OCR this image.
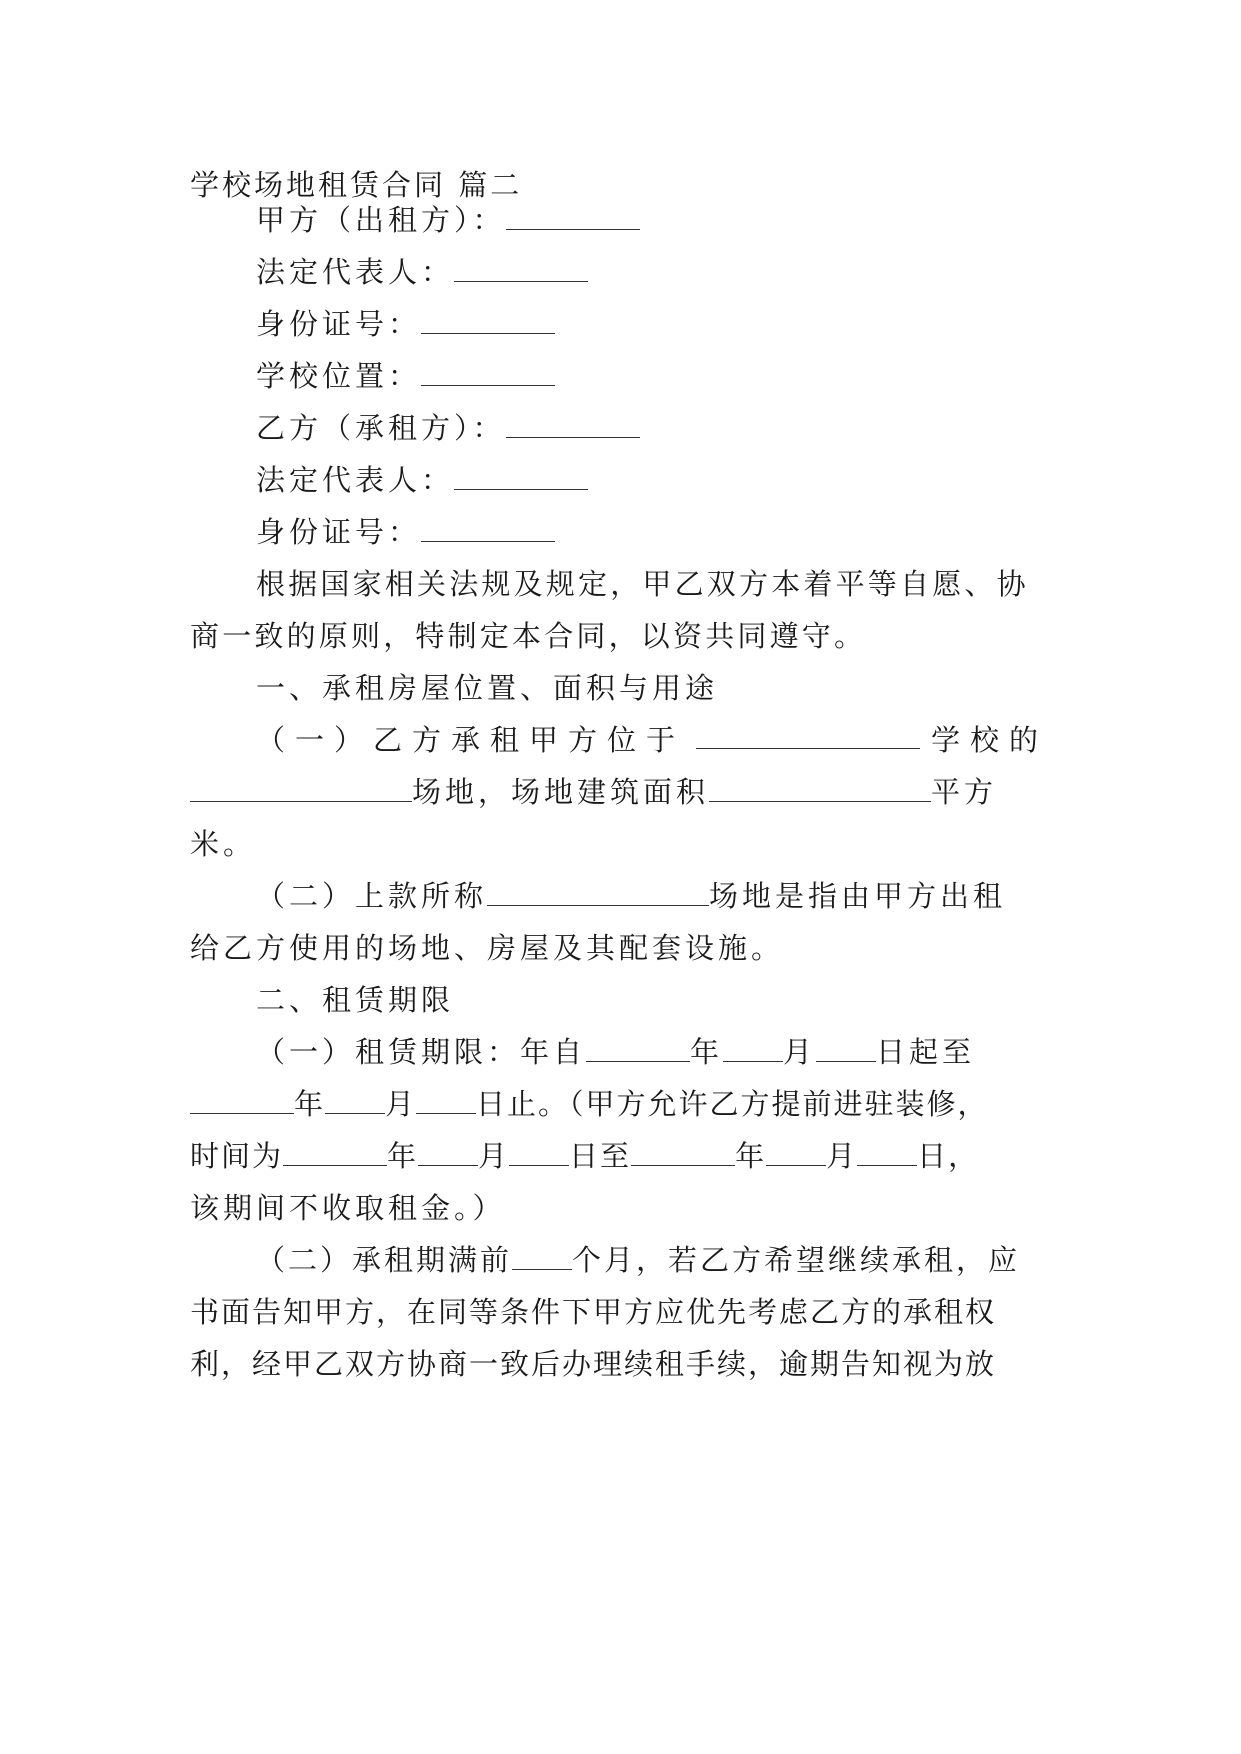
学校场地租赁合同 篇二
甲方（出租方）：
法定代表人：
身份证号：
学校位置：
乙方（承租方）：
法定代表人：
身份证号：
根据国家相关法规及规定，甲乙双方本着平等自愿、协
商一致的原则，特制定本合同，以资共同遵守。
一、承租房屋位置、面积与用途
（一）乙方承租甲方位于	学校的
场地，场地建筑面积	平方
米。
（二）上款所称	场地是指由甲方出租
给乙方使用的场地、房屋及其配套设施。
二、租赁期限
（一）租赁期限：年自	年 月 日起至
年 月 日止。（甲方允许乙方提前进驻装修，
时间为	年 月 日至	年 月 日，
该期间不收取租金。）
（二）承租期满前 个月，若乙方希望继续承租，应
书面告知甲方，在同等条件下甲方应优先考虑乙方的承租权
利，经甲乙双方协商一致后办理续租手续，逾期告知视为放
